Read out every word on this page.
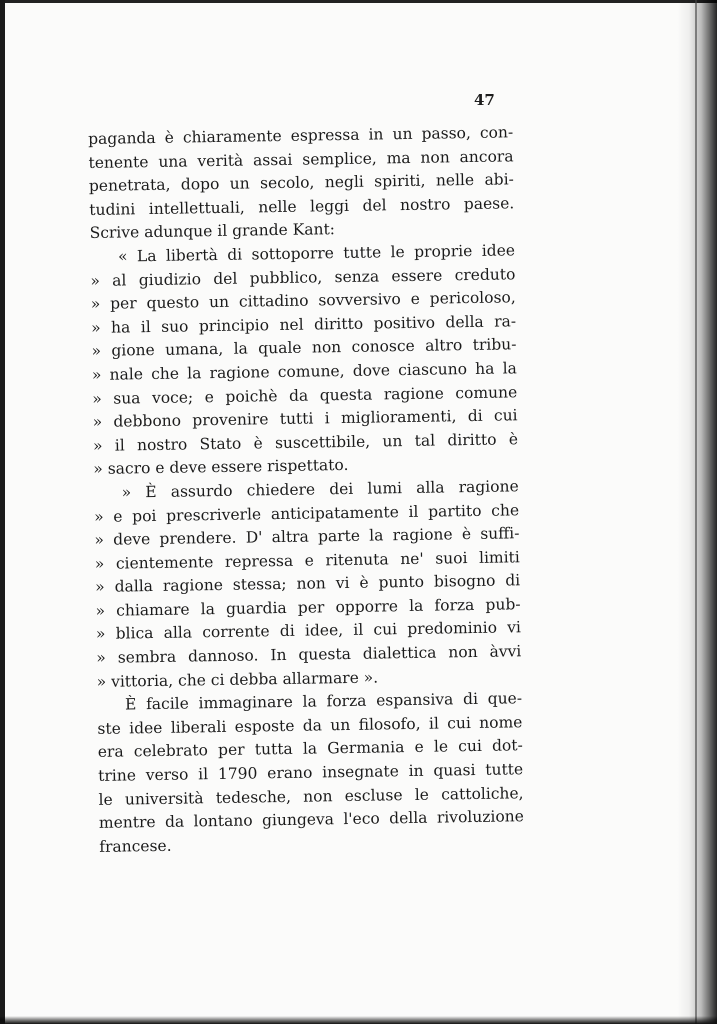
47
paganda è chiaramente espressa in un passo, con-
tenente una verità assai semplice, ma non ancora
penetrata, dopo un secolo, negli spiriti, nelle abi-
tudini intellettuali, nelle leggi del nostro paese.
Scrive adunque il grande Kant:
« La libertà di sottoporre tutte le proprie idee
» al giudizio del pubblico, senza essere creduto
» per questo un cittadino sovversivo e pericoloso,
» ha il suo principio nel diritto positivo della ra-
» gione umana, la quale non conosce altro tribu-
» nale che la ragione comune, dove ciascuno ha la
» sua voce; e poichè da questa ragione comune
» debbono provenire tutti i miglioramenti, di cui
» il nostro Stato è suscettibile, un tal diritto è
» sacro e deve essere rispettato.
» È assurdo chiedere dei lumi alla ragione
» e poi prescriverle anticipatamente il partito che
» deve prendere. D' altra parte la ragione è suffi-
» cientemente repressa e ritenuta ne' suoi limiti
» dalla ragione stessa; non vi è punto bisogno di
» chiamare la guardia per opporre la forza pub-
» blica alla corrente di idee, il cui predominio vi
» sembra dannoso. In questa dialettica non àvvi
» vittoria, che ci debba allarmare ».
È facile immaginare la forza espansiva di que-
ste idee liberali esposte da un filosofo, il cui nome
era celebrato per tutta la Germania e le cui dot-
trine verso il 1790 erano insegnate in quasi tutte
le università tedesche, non escluse le cattoliche,
mentre da lontano giungeva l'eco della rivoluzione
francese.
